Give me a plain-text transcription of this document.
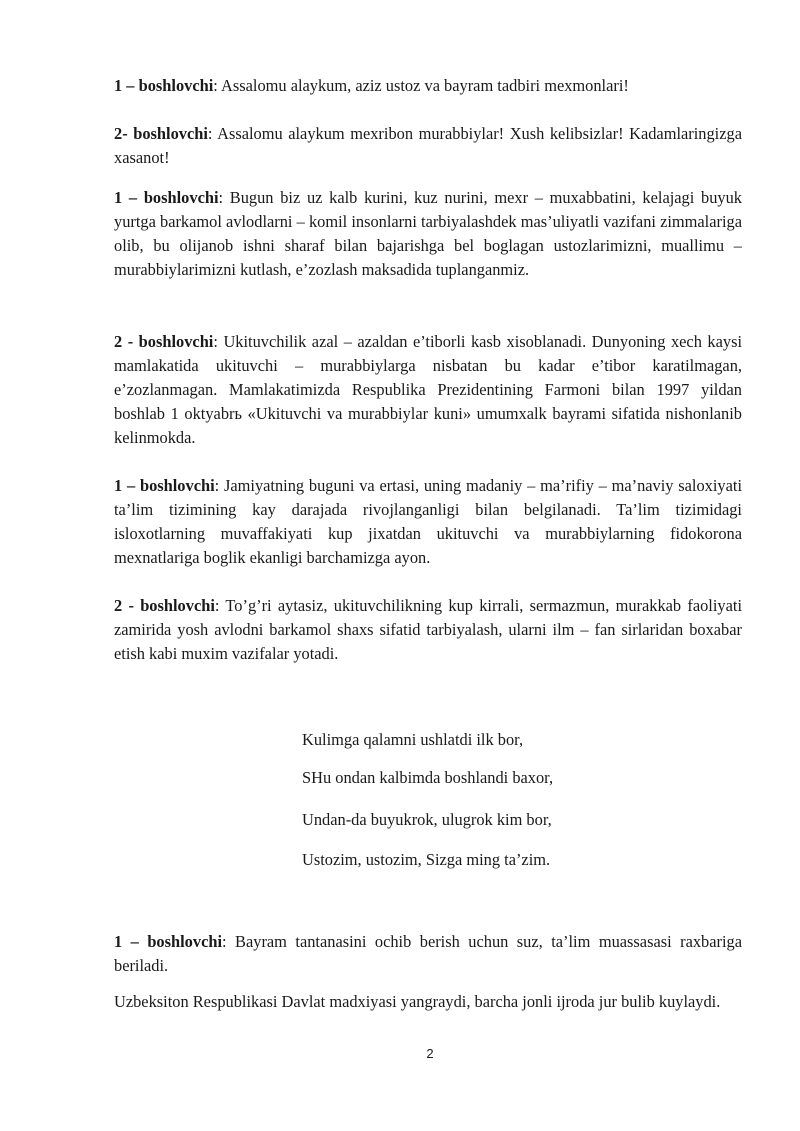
1 – boshlovchi: Assalomu alaykum, aziz ustoz va bayram tadbiri mexmonlari!

2- boshlovchi: Assalomu alaykum mexribon murabbiylar! Xush kelibsizlar! Kadamlaringizga xasanot!

1 – boshlovchi: Bugun biz uz kalb kurini, kuz nurini, mexr – muxabbatini, kelajagi buyuk yurtga barkamol avlodlarni – komil insonlarni tarbiyalashdek mas’uliyatli vazifani zimmalariga olib, bu olijanob ishni sharaf bilan bajarishga bel boglagan ustozlarimizni, muallimu – murabbiylarimizni kutlash, e’zozlash maksadida tuplanganmiz.

2 - boshlovchi: Ukituvchilik azal – azaldan e’tiborli kasb xisoblanadi. Dunyoning xech kaysi mamlakatida ukituvchi – murabbiylarga nisbatan bu kadar e’tibor karatilmagan, e’zozlanmagan. Mamlakatimizda Respublika Prezidentining Farmoni bilan 1997 yildan boshlab 1 oktyabrь «Ukituvchi va murabbiylar kuni» umumxalk bayrami sifatida nishonlanib kelinmokda.

1 – boshlovchi: Jamiyatning buguni va ertasi, uning madaniy – ma’rifiy – ma’naviy saloxiyati ta’lim tizimining kay darajada rivojlanganligi bilan belgilanadi. Ta’lim tizimidagi isloxotlarning muvaffakiyati kup jixatdan ukituvchi va murabbiylarning fidokorona mexnatlariga boglik ekanligi barchamizga ayon.

2 - boshlovchi: To’g’ri aytasiz, ukituvchilikning kup kirrali, sermazmun, murakkab faoliyati zamirida yosh avlodni barkamol shaxs sifatid tarbiyalash, ularni ilm – fan sirlaridan boxabar etish kabi muxim vazifalar yotadi.

Kulimga qalamni ushlatdi ilk bor,

SHu ondan kalbimda boshlandi baxor,

Undan-da buyukrok, ulugrok kim bor,

Ustozim, ustozim, Sizga ming ta’zim.

1 – boshlovchi: Bayram tantanasini ochib berish uchun suz, ta’lim muassasasi raxbariga beriladi.

Uzbeksiton Respublikasi Davlat madxiyasi yangraydi, barcha jonli ijroda jur bulib kuylaydi.

2
